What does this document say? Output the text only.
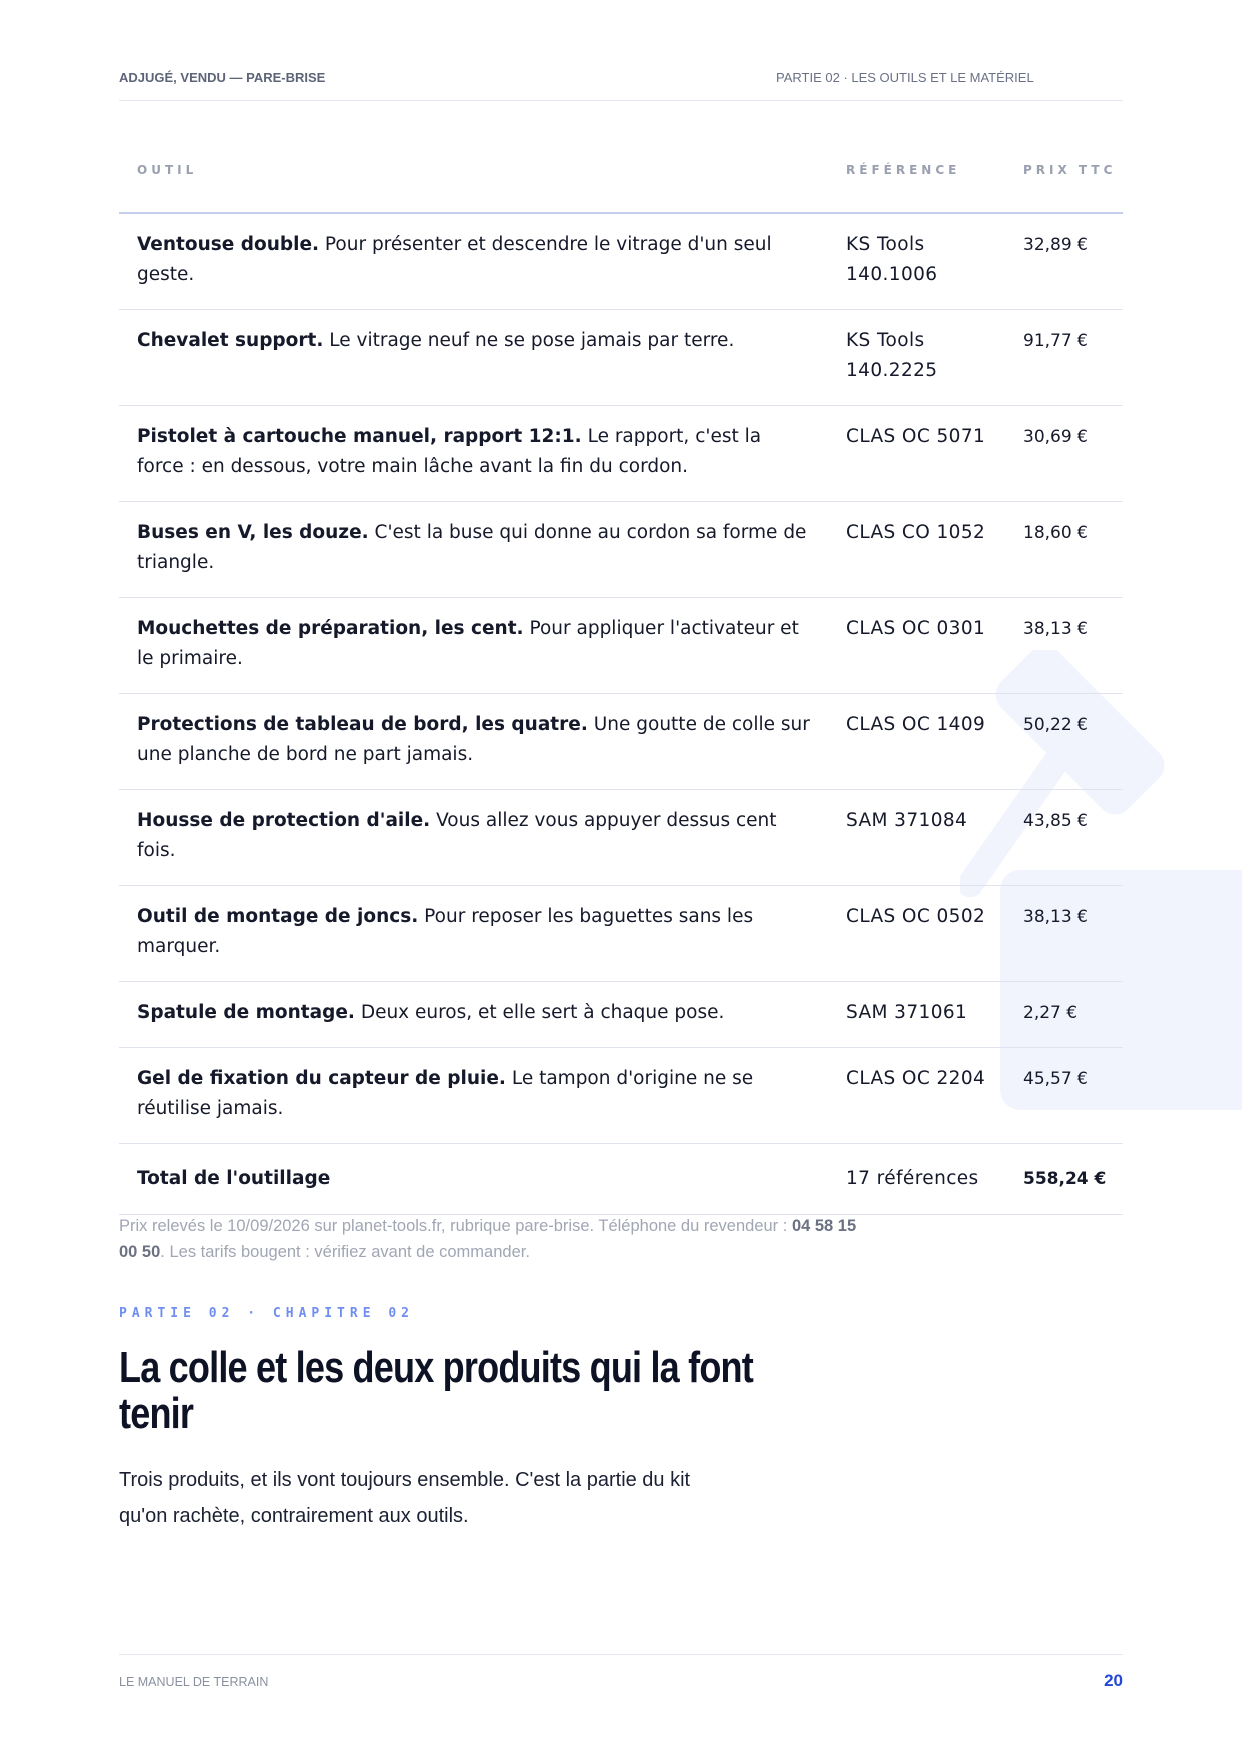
ADJUGÉ, VENDU — PARE-BRISE	PARTIE 02 · LES OUTILS ET LE MATÉRIEL
OUTIL	RÉFÉRENCE	PRIX TTC
Ventouse double. Pour présenter et descendre le vitrage d'un seul geste.	KS Tools 140.1006	32,89 €
Chevalet support. Le vitrage neuf ne se pose jamais par terre.	KS Tools 140.2225	91,77 €
Pistolet à cartouche manuel, rapport 12:1. Le rapport, c'est la force : en dessous, votre main lâche avant la fin du cordon.	CLAS OC 5071	30,69 €
Buses en V, les douze. C'est la buse qui donne au cordon sa forme de triangle.	CLAS CO 1052	18,60 €
Mouchettes de préparation, les cent. Pour appliquer l'activateur et le primaire.	CLAS OC 0301	38,13 €
Protections de tableau de bord, les quatre. Une goutte de colle sur une planche de bord ne part jamais.	CLAS OC 1409	50,22 €
Housse de protection d'aile. Vous allez vous appuyer dessus cent fois.	SAM 371084	43,85 €
Outil de montage de joncs. Pour reposer les baguettes sans les marquer.	CLAS OC 0502	38,13 €
Spatule de montage. Deux euros, et elle sert à chaque pose.	SAM 371061	2,27 €
Gel de fixation du capteur de pluie. Le tampon d'origine ne se réutilise jamais.	CLAS OC 2204	45,57 €
Total de l'outillage	17 références	558,24 €

Prix relevés le 10/09/2026 sur planet-tools.fr, rubrique pare-brise. Téléphone du revendeur : 04 58 15 00 50. Les tarifs bougent : vérifiez avant de commander.

PARTIE 02 · CHAPITRE 02
La colle et les deux produits qui la font tenir

Trois produits, et ils vont toujours ensemble. C'est la partie du kit qu'on rachète, contrairement aux outils.

LE MANUEL DE TERRAIN	20
